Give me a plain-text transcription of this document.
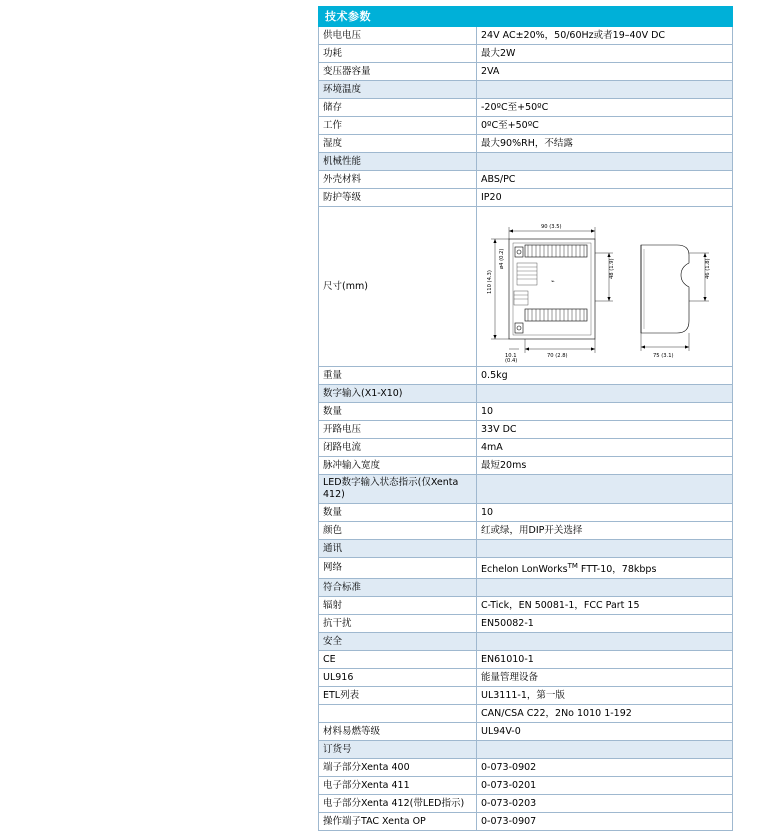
技术参数	
供电电压	24V AC±20%，50/60Hz或者19–40V DC
功耗	最大2W
变压器容量	2VA
环境温度	
储存	-20ºC至+50ºC
工作	0ºC至+50ºC
湿度	最大90%RH，不结露
机械性能	
外壳材料	ABS/PC
防护等级	IP20
尺寸(mm)	⌁
90 (3.5)
110 (4.3)
ø4 (0.2)
10.1
(0.4)
70 (2.8)
48 (1.9)	46 (1.8)
75 (3.1)

重量	0.5kg
数字输入(X1-X10)	
数量	10
开路电压	33V DC
闭路电流	4mA
脉冲输入宽度	最短20ms
LED数字输入状态指示(仅Xenta 412)	
数量	10
颜色	红或绿，用DIP开关选择
通讯	
网络	Echelon LonWorks™ FTT-10，78kbps
符合标准	
辐射	C-Tick，EN 50081-1，FCC Part 15
抗干扰	EN50082-1
安全	
CE	EN61010-1
UL916	能量管理设备
ETL列表	UL3111-1，第一版
	CAN/CSA C22，2No 1010 1-192
材料易燃等级	UL94V-0
订货号	
端子部分Xenta 400	0-073-0902
电子部分Xenta 411	0-073-0201
电子部分Xenta 412(带LED指示)	0-073-0203
操作端子TAC Xenta OP	0-073-0907
